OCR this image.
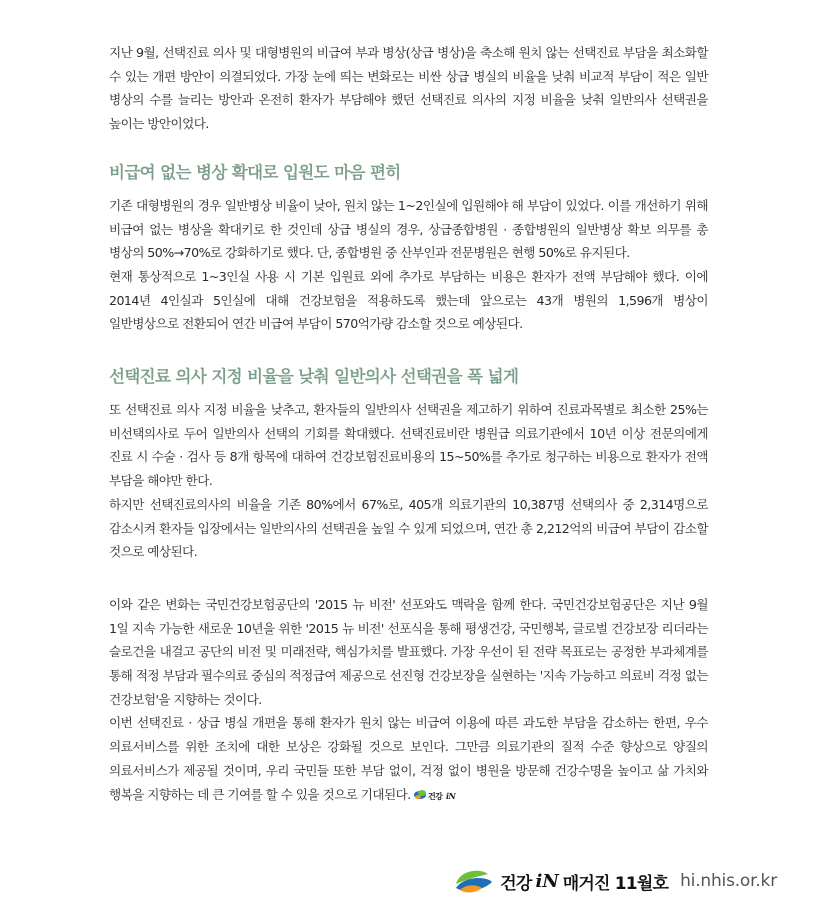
지난 9월, 선택진료 의사 및 대형병원의 비급여 부과 병상(상급 병상)을 축소해 원치 않는 선택진료 부담을 최소화할 수 있는 개편 방안이 의결되었다. 가장 눈에 띄는 변화로는 비싼 상급 병실의 비율을 낮춰 비교적 부담이 적은 일반 병상의 수를 늘리는 방안과 온전히 환자가 부담해야 했던 선택진료 의사의 지정 비율을 낮춰 일반의사 선택권을 높이는 방안이었다.

비급여 없는 병상 확대로 입원도 마음 편히

기존 대형병원의 경우 일반병상 비율이 낮아, 원치 않는 1~2인실에 입원해야 해 부담이 있었다. 이를 개선하기 위해 비급여 없는 병상을 확대키로 한 것인데 상급 병실의 경우, 상급종합병원 · 종합병원의 일반병상 확보 의무를 총 병상의 50%→70%로 강화하기로 했다. 단, 종합병원 중 산부인과 전문병원은 현행 50%로 유지된다.

현재 통상적으로 1~3인실 사용 시 기본 입원료 외에 추가로 부담하는 비용은 환자가 전액 부담해야 했다. 이에 2014년 4인실과 5인실에 대해 건강보험을 적용하도록 했는데 앞으로는 43개 병원의 1,596개 병상이 일반병상으로 전환되어 연간 비급여 부담이 570억가량 감소할 것으로 예상된다.

선택진료 의사 지정 비율을 낮춰 일반의사 선택권을 폭 넓게

또 선택진료 의사 지정 비율을 낮추고, 환자들의 일반의사 선택권을 제고하기 위하여 진료과목별로 최소한 25%는 비선택의사로 두어 일반의사 선택의 기회를 확대했다. 선택진료비란 병원급 의료기관에서 10년 이상 전문의에게 진료 시 수술 · 검사 등 8개 항목에 대하여 건강보험진료비용의 15~50%를 추가로 청구하는 비용으로 환자가 전액 부담을 해야만 한다.

하지만 선택진료의사의 비율을 기존 80%에서 67%로, 405개 의료기관의 10,387명 선택의사 중 2,314명으로 감소시켜 환자들 입장에서는 일반의사의 선택권을 높일 수 있게 되었으며, 연간 총 2,212억의 비급여 부담이 감소할 것으로 예상된다.

이와 같은 변화는 국민건강보험공단의 '2015 뉴 비전' 선포와도 맥락을 함께 한다. 국민건강보험공단은 지난 9월 1일 지속 가능한 새로운 10년을 위한 '2015 뉴 비전' 선포식을 통해 평생건강, 국민행복, 글로벌 건강보장 리더라는 슬로건을 내걸고 공단의 비전 및 미래전략, 핵심가치를 발표했다. 가장 우선이 된 전략 목표로는 공정한 부과체계를 통해 적정 부담과 필수의료 중심의 적정급여 제공으로 선진형 건강보장을 실현하는 '지속 가능하고 의료비 걱정 없는 건강보험'을 지향하는 것이다.

이번 선택진료 · 상급 병실 개편을 통해 환자가 원치 않는 비급여 이용에 따른 과도한 부담을 감소하는 한편, 우수 의료서비스를 위한 조치에 대한 보상은 강화될 것으로 보인다. 그만큼 의료기관의 질적 수준 향상으로 양질의 의료서비스가 제공될 것이며, 우리 국민들 또한 부담 없이, 걱정 없이 병원을 방문해 건강수명을 높이고 삶 가치와 행복을 지향하는 데 큰 기여를 할 수 있을 것으로 기대된다. 건강 iN

건강 iN 매거진 11월호 hi.nhis.or.kr
